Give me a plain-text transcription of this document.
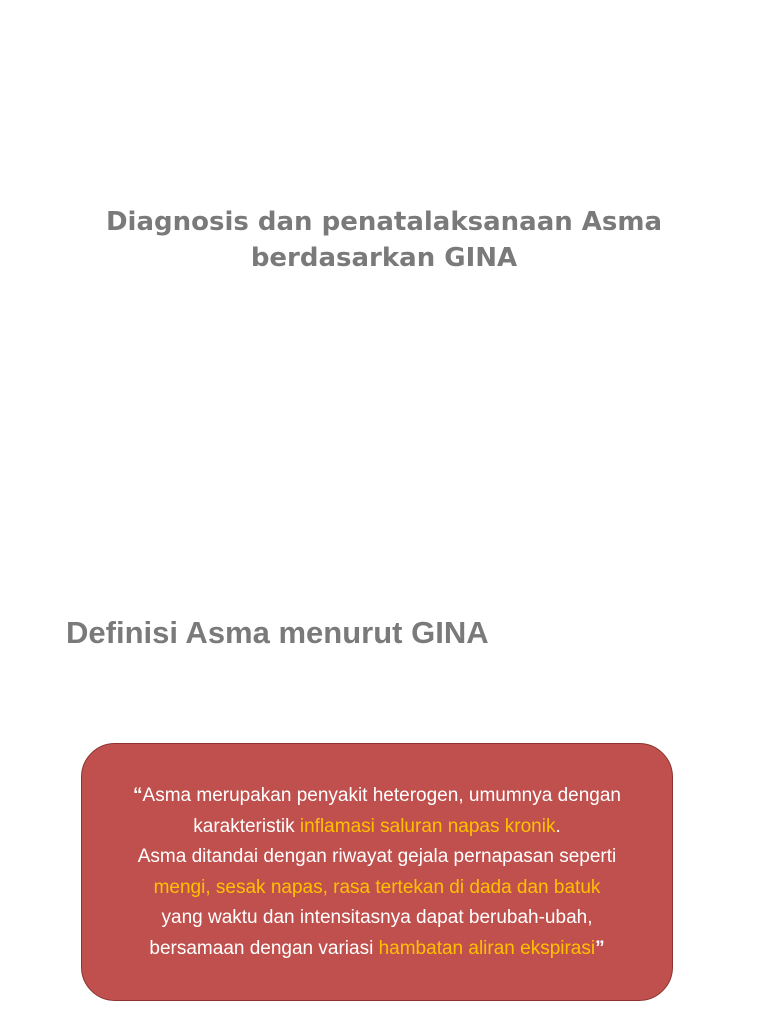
Diagnosis dan penatalaksanaan Asma
berdasarkan GINA
Definisi Asma menurut GINA
“Asma merupakan penyakit heterogen, umumnya dengan
karakteristik inflamasi saluran napas kronik.
Asma ditandai dengan riwayat gejala pernapasan seperti
mengi, sesak napas, rasa tertekan di dada dan batuk
yang waktu dan intensitasnya dapat berubah-ubah,
bersamaan dengan variasi hambatan aliran ekspirasi”
